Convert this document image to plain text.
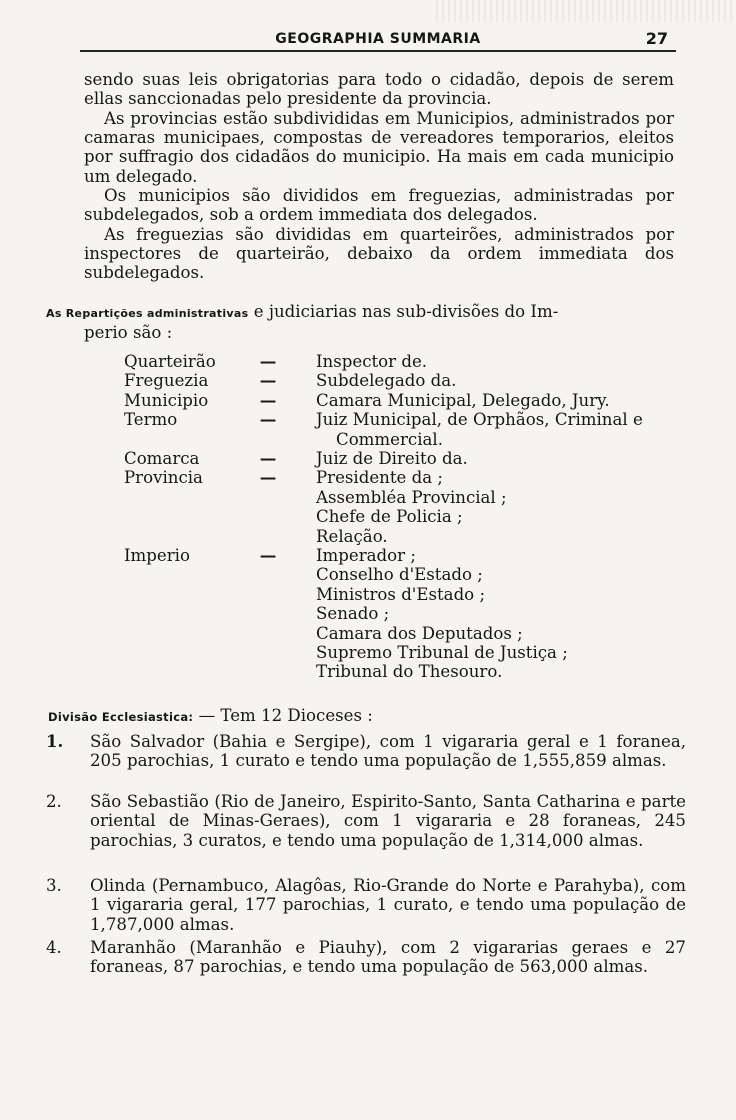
GEOGRAPHIA SUMMARIA	27
sendo suas leis obrigatorias para todo o cidadão, depois de serem ellas sanccionadas pelo presidente da provincia.
As provincias estão subdivididas em Municipios, administrados por camaras municipaes, compostas de vereadores temporarios, eleitos por suffragio dos cidadãos do municipio. Ha mais em cada municipio um delegado.
Os municipios são divididos em freguezias, administradas por subdelegados, sob a ordem immediata dos delegados.
As freguezias são divididas em quarteirões, administrados por inspectores de quarteirão, debaixo da ordem immediata dos subdelegados.
As Repartições administrativas e judiciarias nas sub-divisões do Im-
perio são :
Quarteirão	— Inspector de.
Freguezia	— Subdelegado da.
Municipio	— Camara Municipal, Delegado, Jury.
Termo	— Juiz Municipal, de Orphãos, Criminal e
Commercial.
Comarca	— Juiz de Direito da.
Provincia	— Presidente da ;
Assembléa Provincial ;
Chefe de Policia ;
Relação.
Imperio	— Imperador ;
Conselho d'Estado ;
Ministros d'Estado ;
Senado ;
Camara dos Deputados ;
Supremo Tribunal de Justiça ;
Tribunal do Thesouro.
Divisão Ecclesiastica: — Tem 12 Dioceses :
1. São Salvador (Bahia e Sergipe), com 1 vigararia geral e 1 foranea, 205 parochias, 1 curato e tendo uma população de 1,555,859 almas.
2. São Sebastião (Rio de Janeiro, Espirito-Santo, Santa Catharina e parte oriental de Minas-Geraes), com 1 vigararia e 28 foraneas, 245 parochias, 3 curatos, e tendo uma população de 1,314,000 almas.
3. Olinda (Pernambuco, Alagôas, Rio-Grande do Norte e Parahyba), com 1 vigararia geral, 177 parochias, 1 curato, e tendo uma população de 1,787,000 almas.
4. Maranhão (Maranhão e Piauhy), com 2 vigararias geraes e 27 foraneas, 87 parochias, e tendo uma população de 563,000 almas.
